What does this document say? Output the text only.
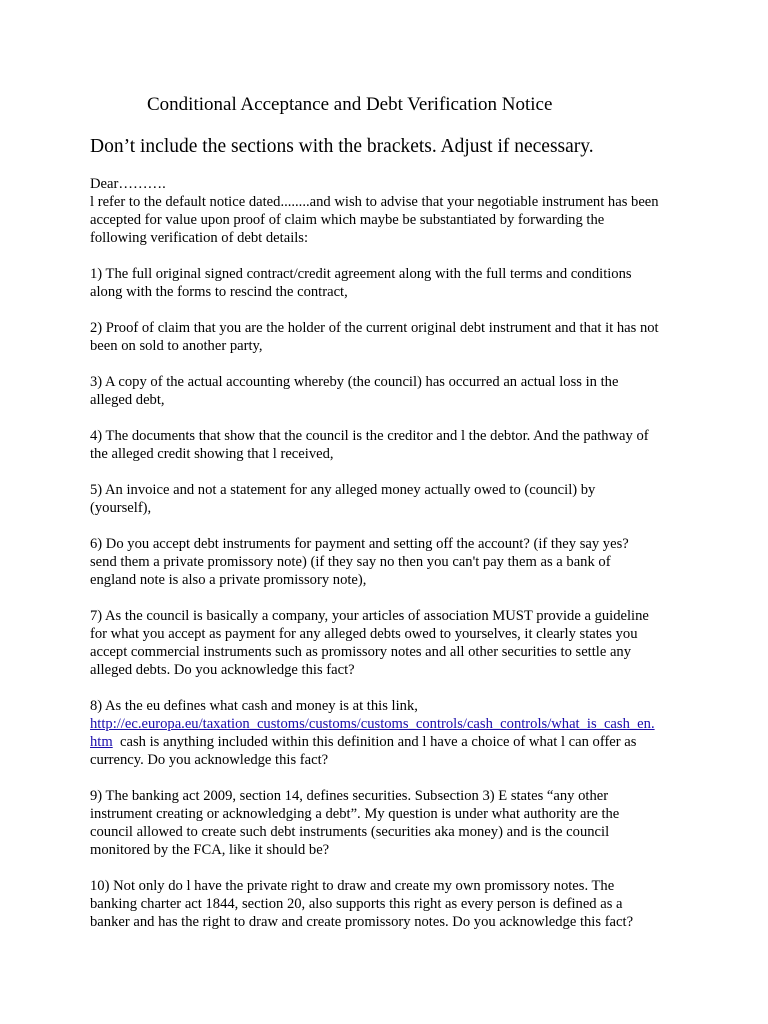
Conditional Acceptance and Debt Verification Notice
Don’t include the sections with the brackets. Adjust if necessary.
Dear……….
l refer to the default notice dated........and wish to advise that your negotiable instrument has been
accepted for value upon proof of claim which maybe be substantiated by forwarding the
following verification of debt details:
1) The full original signed contract/credit agreement along with the full terms and conditions
along with the forms to rescind the contract,
2) Proof of claim that you are the holder of the current original debt instrument and that it has not
been on sold to another party,
3) A copy of the actual accounting whereby (the council) has occurred an actual loss in the
alleged debt,
4) The documents that show that the council is the creditor and l the debtor. And the pathway of
the alleged credit showing that l received,
5) An invoice and not a statement for any alleged money actually owed to (council) by
(yourself),
6) Do you accept debt instruments for payment and setting off the account? (if they say yes?
send them a private promissory note) (if they say no then you can't pay them as a bank of
england note is also a private promissory note),
7) As the council is basically a company, your articles of association MUST provide a guideline
for what you accept as payment for any alleged debts owed to yourselves, it clearly states you
accept commercial instruments such as promissory notes and all other securities to settle any
alleged debts. Do you acknowledge this fact?
8) As the eu defines what cash and money is at this link,
http://ec.europa.eu/taxation_customs/customs/customs_controls/cash_controls/what_is_cash_en.
htm  cash is anything included within this definition and l have a choice of what l can offer as
currency. Do you acknowledge this fact?
9) The banking act 2009, section 14, defines securities. Subsection 3) E states “any other
instrument creating or acknowledging a debt”. My question is under what authority are the
council allowed to create such debt instruments (securities aka money) and is the council
monitored by the FCA, like it should be?
10) Not only do l have the private right to draw and create my own promissory notes. The
banking charter act 1844, section 20, also supports this right as every person is defined as a
banker and has the right to draw and create promissory notes. Do you acknowledge this fact?
